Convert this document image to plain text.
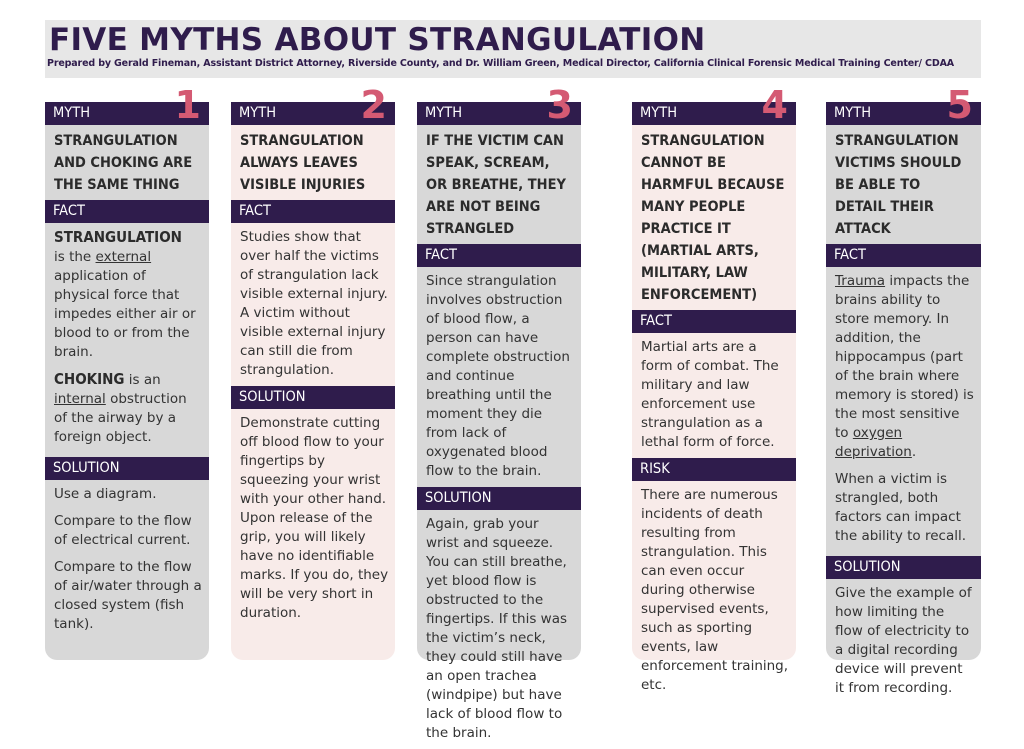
FIVE MYTHS ABOUT STRANGULATION
Prepared by Gerald Fineman, Assistant District Attorney, Riverside County, and Dr. William Green, Medical Director, California Clinical Forensic Medical Training Center/ CDAA
MYTH 1
STRANGULATION AND CHOKING ARE THE SAME THING
FACT

STRANGULATION
is the external application of physical force that impedes either air or blood to or from the brain.

CHOKING is an internal obstruction of the airway by a foreign object.

SOLUTION

Use a diagram.

Compare to the flow of electrical current.

Compare to the flow of air/water through a closed system (fish tank).

MYTH 2
STRANGULATION ALWAYS LEAVES VISIBLE INJURIES
FACT
Studies show that over half the victims of strangulation lack visible external injury. A victim without visible external injury can still die from strangulation.
SOLUTION
Demonstrate cutting off blood flow to your fingertips by squeezing your wrist with your other hand. Upon release of the grip, you will likely have no identifiable marks. If you do, they will be very short in duration.
MYTH 3
IF THE VICTIM CAN SPEAK, SCREAM, OR BREATHE, THEY ARE NOT BEING STRANGLED
FACT
Since strangulation involves obstruction of blood flow, a person can have complete obstruction and continue breathing until the moment they die from lack of oxygenated blood flow to the brain.
SOLUTION
Again, grab your wrist and squeeze. You can still breathe, yet blood flow is obstructed to the fingertips. If this was the victim’s neck, they could still have an open trachea (windpipe) but have lack of blood flow to the brain.
MYTH 4
STRANGULATION CANNOT BE HARMFUL BECAUSE MANY PEOPLE PRACTICE IT (MARTIAL ARTS, MILITARY, LAW ENFORCEMENT)
FACT
Martial arts are a form of combat. The military and law enforcement use strangulation as a lethal form of force.
RISK
There are numerous incidents of death resulting from strangulation. This can even occur during otherwise supervised events, such as sporting events, law enforcement training, etc.
MYTH 5
STRANGULATION VICTIMS SHOULD BE ABLE TO DETAIL THEIR ATTACK
FACT

Trauma impacts the brains ability to store memory. In addition, the hippocampus (part of the brain where memory is stored) is the most sensitive to oxygen deprivation.

When a victim is strangled, both factors can impact the ability to recall.

SOLUTION
Give the example of how limiting the flow of electricity to a digital recording device will prevent it from recording.
